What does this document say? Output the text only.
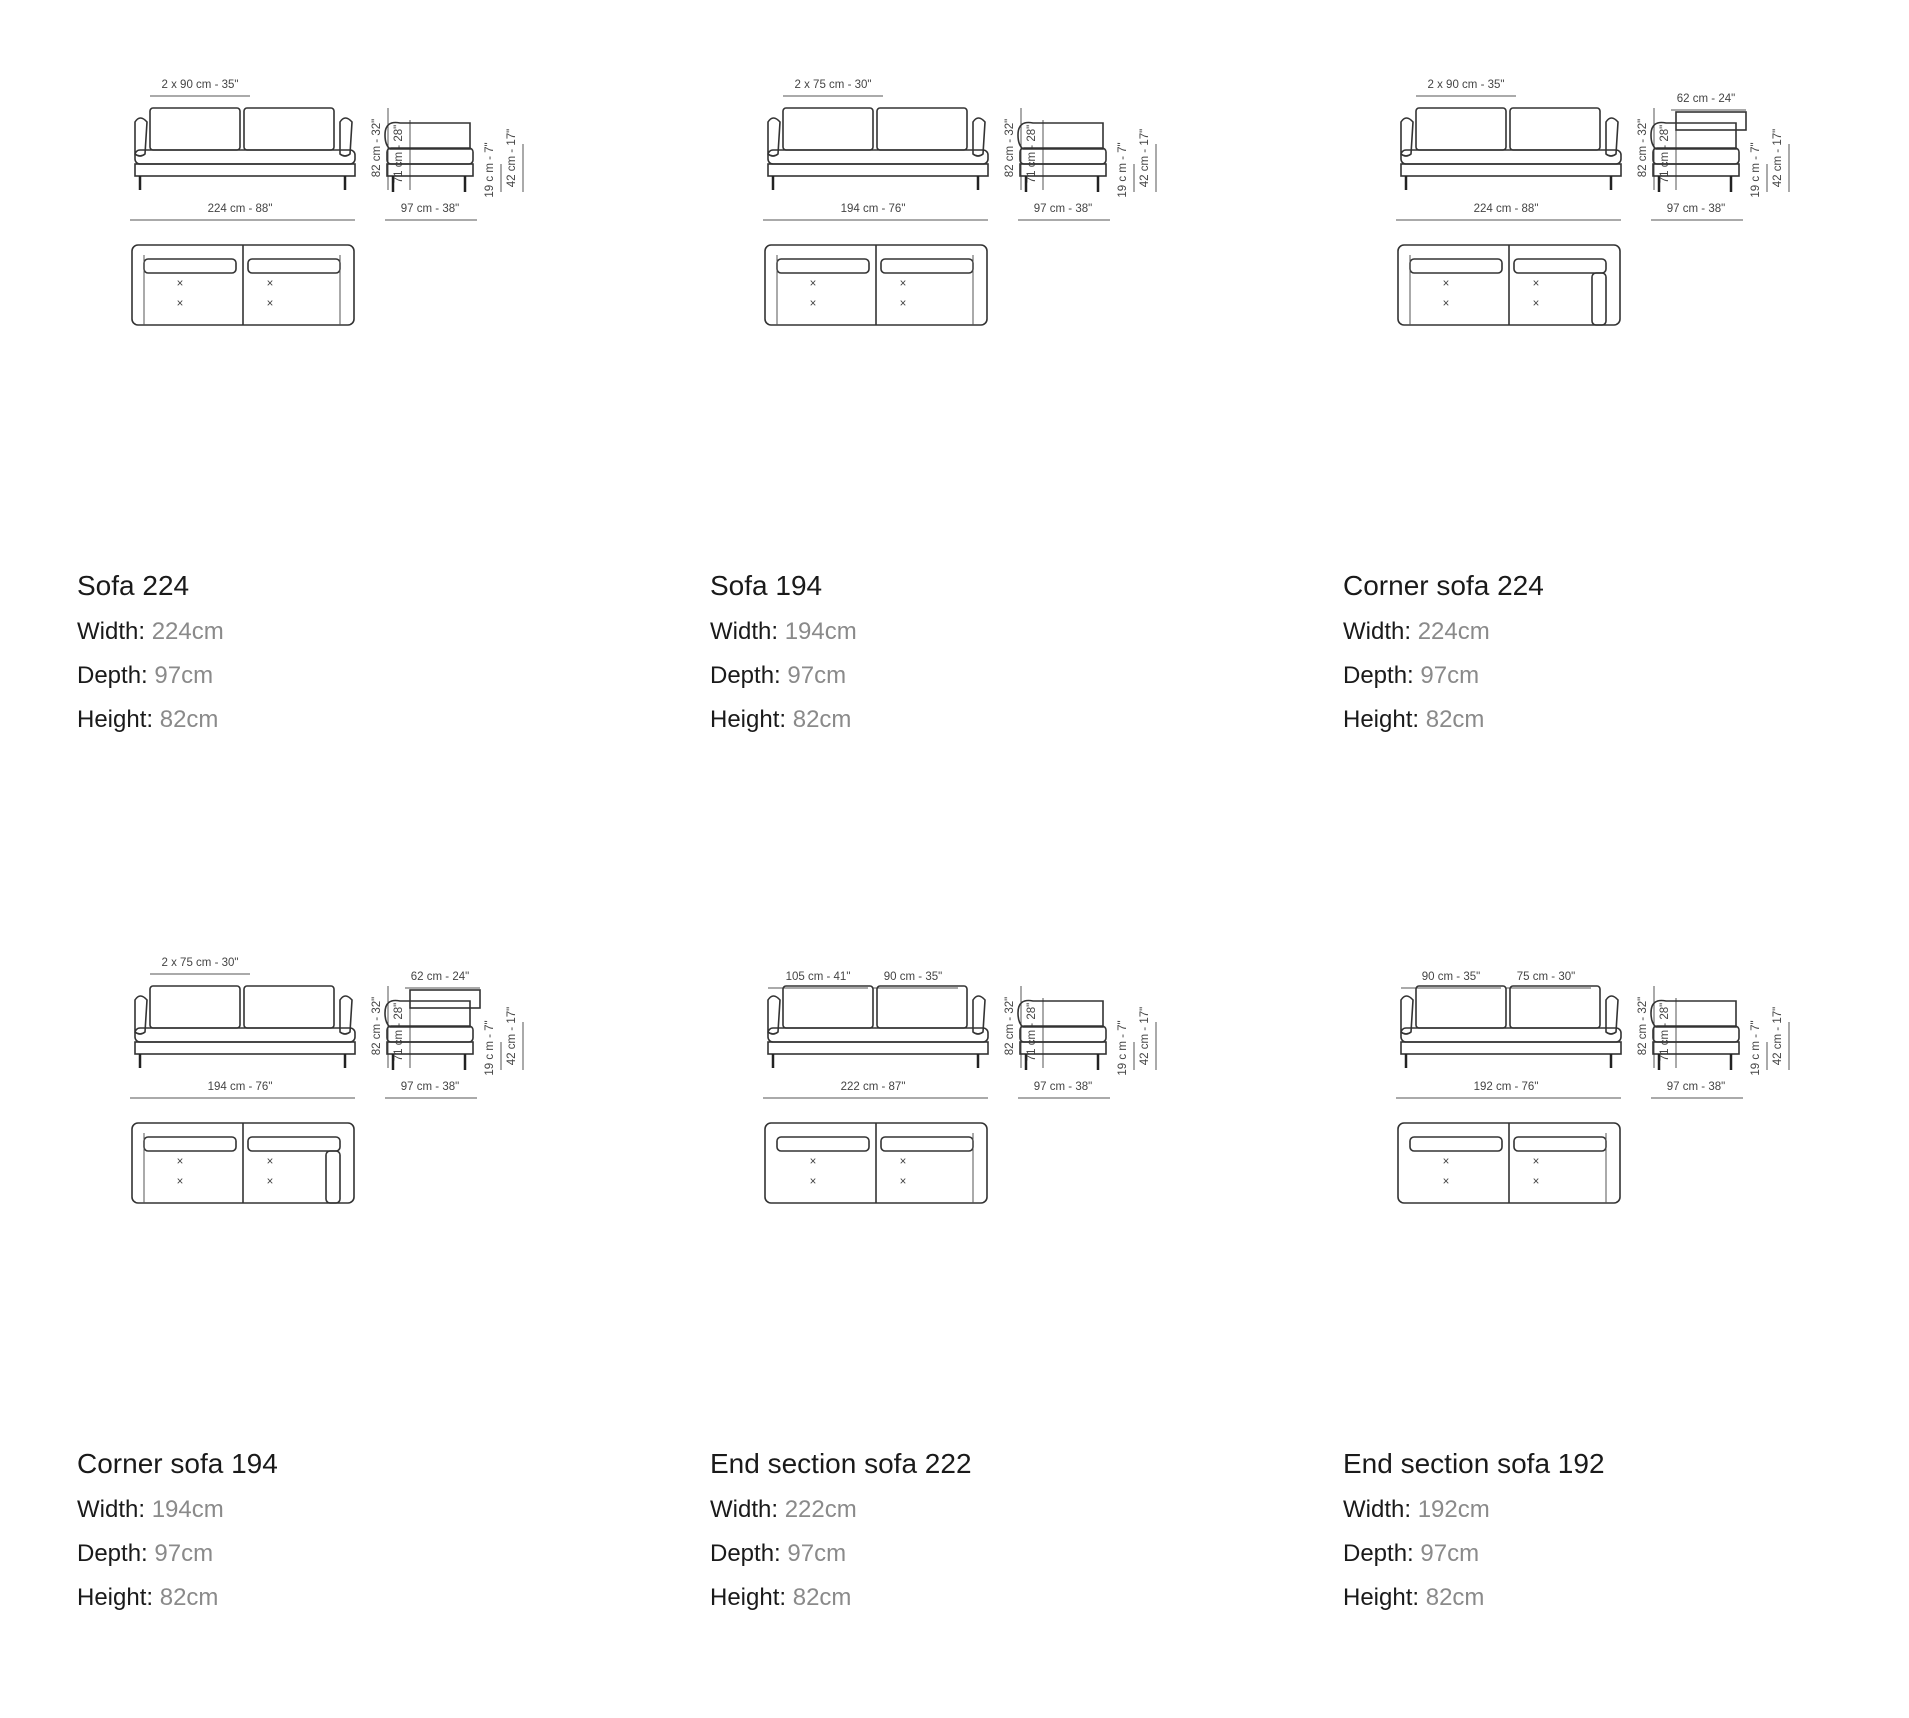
2 x 90 cm - 35"
224 cm - 88"
82 cm - 32" 71 cm - 28"
97 cm - 38"
19 c m - 7" 42 cm - 17"
×
×
×
×
Sofa 224
Width: 224cm
Depth: 97cm
Height: 82cm
2 x 75 cm - 30"
194 cm - 76"
82 cm - 32" 71 cm - 28"
97 cm - 38"
19 c m - 7" 42 cm - 17"
×
×
×
×
Sofa 194
Width: 194cm
Depth: 97cm
Height: 82cm
2 x 90 cm - 35"
224 cm - 88"
82 cm - 32" 71 cm - 28"
62 cm - 24"
97 cm - 38"
19 c m - 7" 42 cm - 17"
×
×
×
×
Corner sofa 224
Width: 224cm
Depth: 97cm
Height: 82cm
2 x 75 cm - 30"
194 cm - 76"
82 cm - 32" 71 cm - 28"
62 cm - 24"
97 cm - 38"
19 c m - 7" 42 cm - 17"
×
×
×
×
Corner sofa 194
Width: 194cm
Depth: 97cm
Height: 82cm
105 cm - 41"	90 cm - 35"
222 cm - 87"
82 cm - 32" 71 cm - 28"
97 cm - 38"
19 c m - 7" 42 cm - 17"
×
×
×
×
End section sofa 222
Width: 222cm
Depth: 97cm
Height: 82cm
90 cm - 35"	75 cm - 30"
192 cm - 76"
82 cm - 32" 71 cm - 28"
97 cm - 38"
19 c m - 7" 42 cm - 17"
×
×
×
×
End section sofa 192
Width: 192cm
Depth: 97cm
Height: 82cm
